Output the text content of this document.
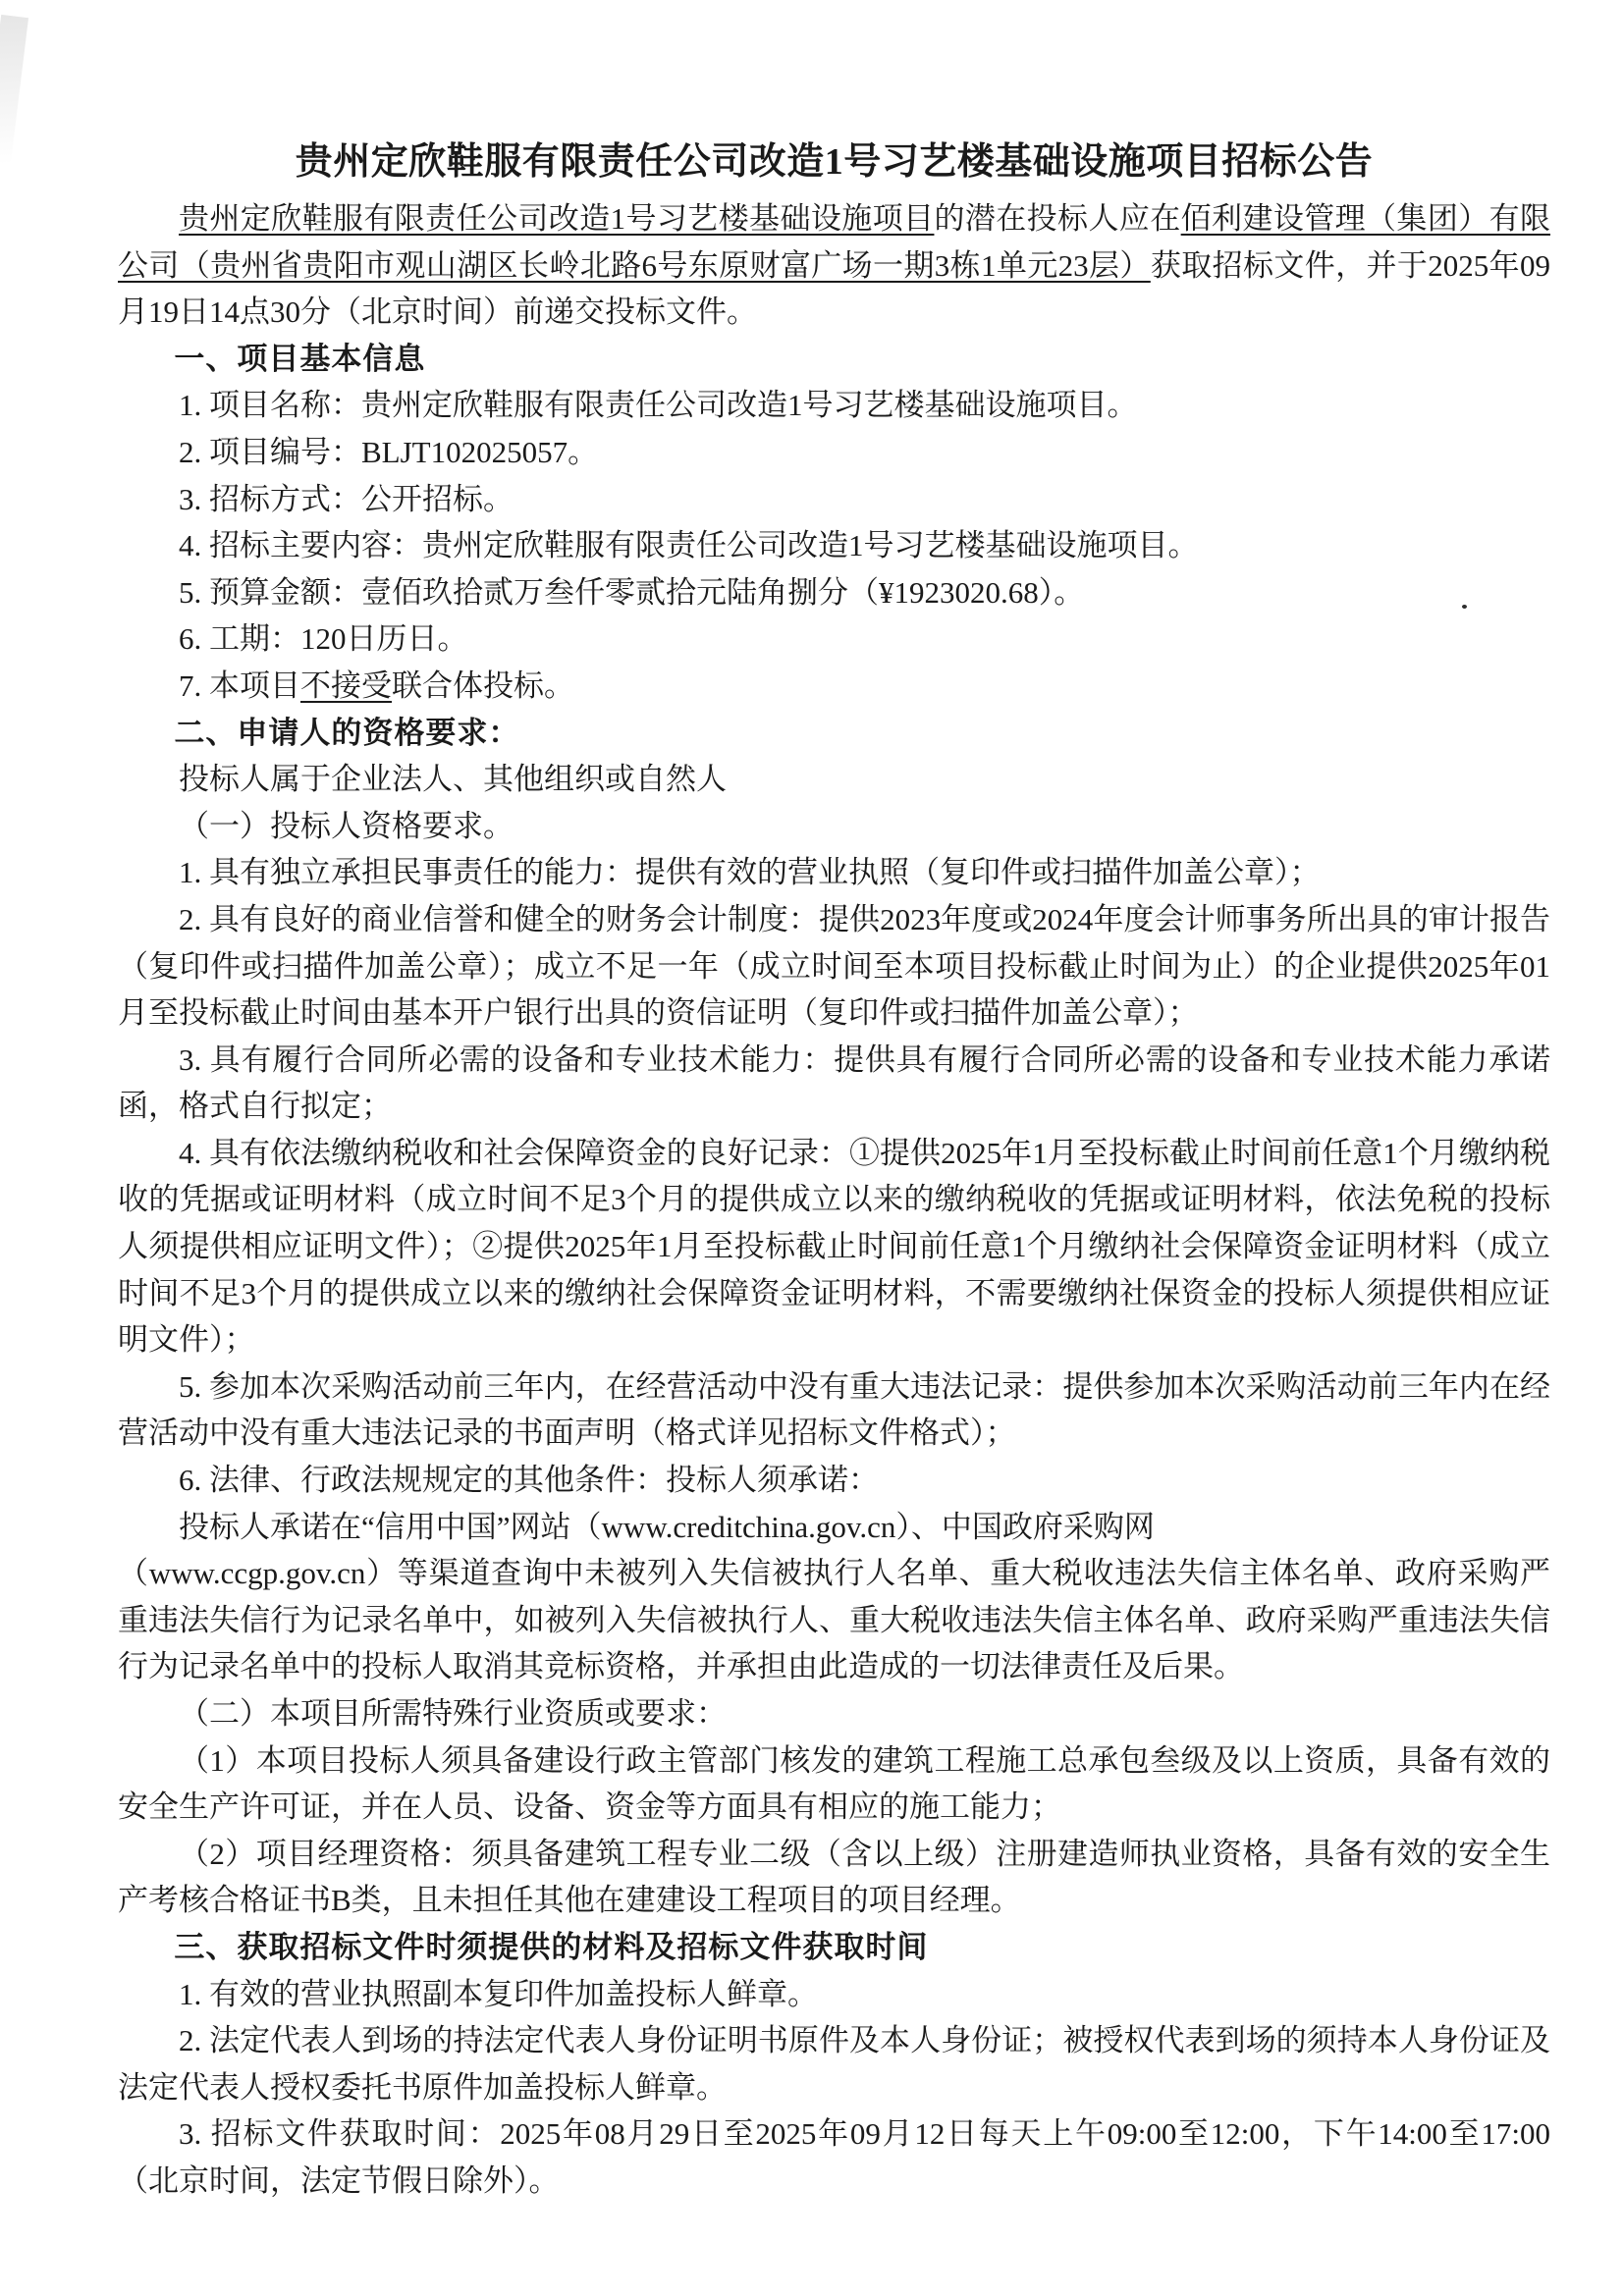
贵州定欣鞋服有限责任公司改造1号习艺楼基础设施项目招标公告

贵州定欣鞋服有限责任公司改造1号习艺楼基础设施项目的潜在投标人应在佰利建设管理（集团）有限公司（贵州省贵阳市观山湖区长岭北路6号东原财富广场一期3栋1单元23层）获取招标文件，并于2025年09月19日14点30分（北京时间）前递交投标文件。

一、项目基本信息

1. 项目名称：贵州定欣鞋服有限责任公司改造1号习艺楼基础设施项目。

2. 项目编号：BLJT102025057。

3. 招标方式：公开招标。

4. 招标主要内容：贵州定欣鞋服有限责任公司改造1号习艺楼基础设施项目。

5. 预算金额：壹佰玖拾贰万叁仟零贰拾元陆角捌分（¥1923020.68）。

6. 工期：120日历日。

7. 本项目不接受联合体投标。

二、申请人的资格要求：

投标人属于企业法人、其他组织或自然人

（一）投标人资格要求。

1. 具有独立承担民事责任的能力：提供有效的营业执照（复印件或扫描件加盖公章）；

2. 具有良好的商业信誉和健全的财务会计制度：提供2023年度或2024年度会计师事务所出具的审计报告（复印件或扫描件加盖公章）；成立不足一年（成立时间至本项目投标截止时间为止）的企业提供2025年01月至投标截止时间由基本开户银行出具的资信证明（复印件或扫描件加盖公章）；

3. 具有履行合同所必需的设备和专业技术能力：提供具有履行合同所必需的设备和专业技术能力承诺函，格式自行拟定；

4. 具有依法缴纳税收和社会保障资金的良好记录：①提供2025年1月至投标截止时间前任意1个月缴纳税收的凭据或证明材料（成立时间不足3个月的提供成立以来的缴纳税收的凭据或证明材料，依法免税的投标人须提供相应证明文件）；②提供2025年1月至投标截止时间前任意1个月缴纳社会保障资金证明材料（成立时间不足3个月的提供成立以来的缴纳社会保障资金证明材料，不需要缴纳社保资金的投标人须提供相应证明文件）；

5. 参加本次采购活动前三年内，在经营活动中没有重大违法记录：提供参加本次采购活动前三年内在经营活动中没有重大违法记录的书面声明（格式详见招标文件格式）；

6. 法律、行政法规规定的其他条件：投标人须承诺：

投标人承诺在“信用中国”网站（www.creditchina.gov.cn）、中国政府采购网

（www.ccgp.gov.cn）等渠道查询中未被列入失信被执行人名单、重大税收违法失信主体名单、政府采购严重违法失信行为记录名单中，如被列入失信被执行人、重大税收违法失信主体名单、政府采购严重违法失信行为记录名单中的投标人取消其竞标资格，并承担由此造成的一切法律责任及后果。

（二）本项目所需特殊行业资质或要求：

（1）本项目投标人须具备建设行政主管部门核发的建筑工程施工总承包叁级及以上资质，具备有效的安全生产许可证，并在人员、设备、资金等方面具有相应的施工能力；

（2）项目经理资格：须具备建筑工程专业二级（含以上级）注册建造师执业资格，具备有效的安全生产考核合格证书B类，且未担任其他在建建设工程项目的项目经理。

三、获取招标文件时须提供的材料及招标文件获取时间

1. 有效的营业执照副本复印件加盖投标人鲜章。

2. 法定代表人到场的持法定代表人身份证明书原件及本人身份证；被授权代表到场的须持本人身份证及法定代表人授权委托书原件加盖投标人鲜章。

3. 招标文件获取时间：2025年08月29日至2025年09月12日每天上午09:00至12:00，下午14:00至17:00（北京时间，法定节假日除外）。
